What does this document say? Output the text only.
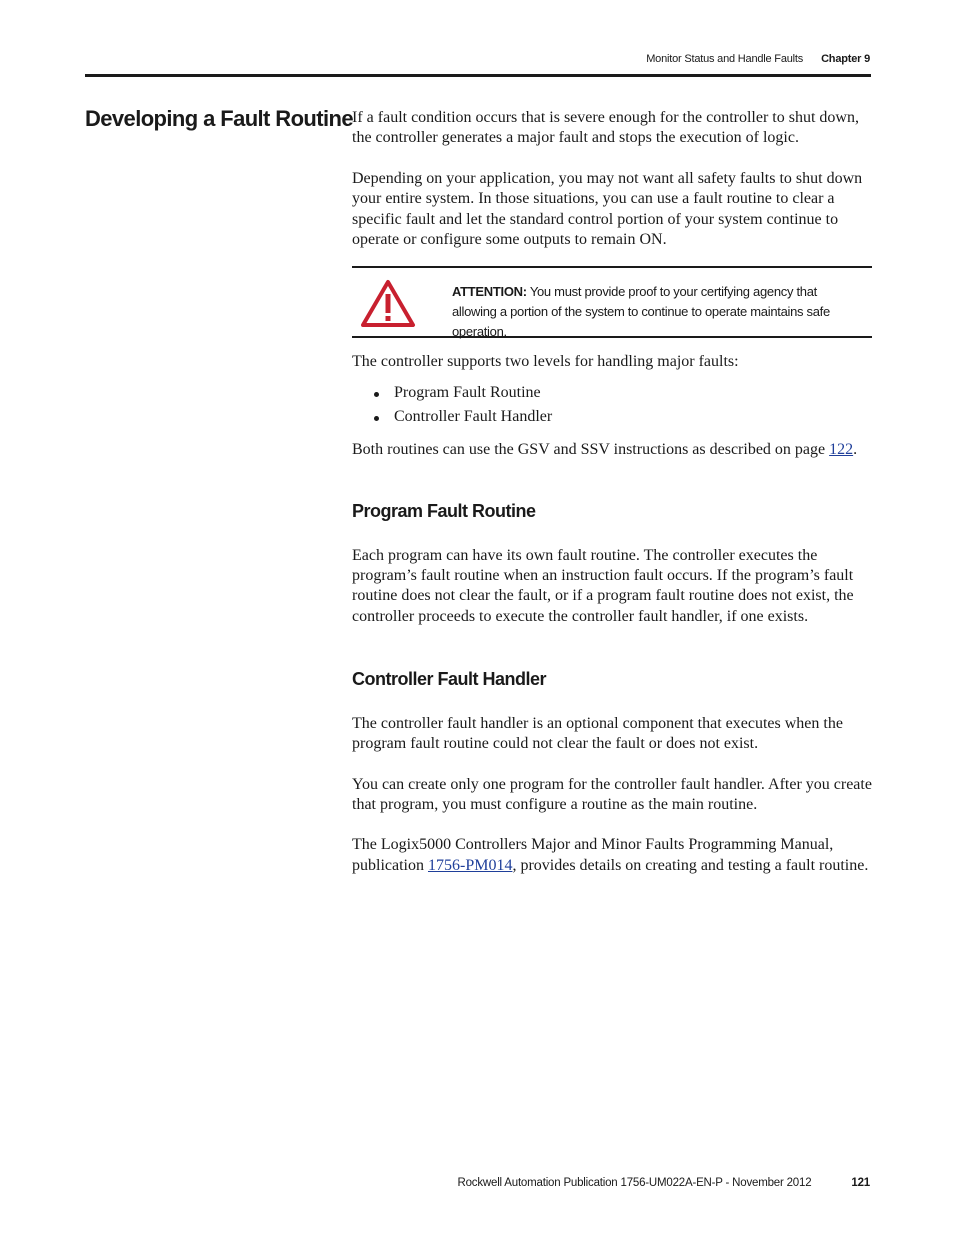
Monitor Status and Handle Faults Chapter 9
Developing a Fault Routine If a fault condition occurs that is severe enough for the controller to shut down, the controller generates a major fault and stops the execution of logic.

Depending on your application, you may not want all safety faults to shut down your entire system. In those situations, you can use a fault routine to clear a specific fault and let the standard control portion of your system continue to operate or configure some outputs to remain ON.

ATTENTION: You must provide proof to your certifying agency that allowing a portion of the system to continue to operate maintains safe operation.

The controller supports two levels for handling major faults:

Program Fault Routine
Controller Fault Handler

Both routines can use the GSV and SSV instructions as described on page 122.

Program Fault Routine

Each program can have its own fault routine. The controller executes the program’s fault routine when an instruction fault occurs. If the program’s fault routine does not clear the fault, or if a program fault routine does not exist, the controller proceeds to execute the controller fault handler, if one exists.

Controller Fault Handler

The controller fault handler is an optional component that executes when the program fault routine could not clear the fault or does not exist.

You can create only one program for the controller fault handler. After you create that program, you must configure a routine as the main routine.

The Logix5000 Controllers Major and Minor Faults Programming Manual, publication 1756-PM014, provides details on creating and testing a fault routine.

Rockwell Automation Publication 1756-UM022A-EN-P - November 2012	121
